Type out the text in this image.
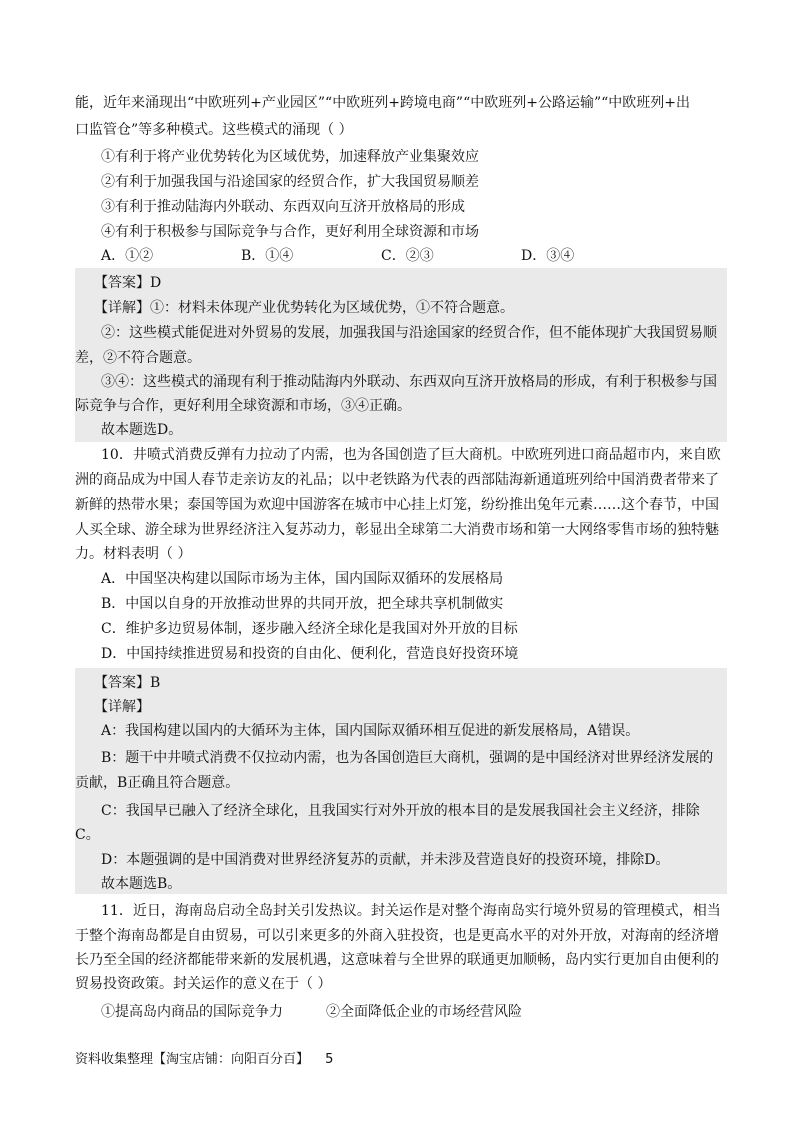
能，近年来涌现出“中欧班列+产业园区”“中欧班列+跨境电商”“中欧班列+公路运输”“中欧班列+出
口监管仓”等多种模式。这些模式的涌现（ ）
①有利于将产业优势转化为区域优势，加速释放产业集聚效应
②有利于加强我国与沿途国家的经贸合作，扩大我国贸易顺差
③有利于推动陆海内外联动、东西双向互济开放格局的形成
④有利于积极参与国际竞争与合作，更好利用全球资源和市场
A．①②	B．①④	C．②③	D．③④
【答案】D
【详解】①：材料未体现产业优势转化为区域优势，①不符合题意。
②：这些模式能促进对外贸易的发展，加强我国与沿途国家的经贸合作，但不能体现扩大我国贸易顺
差，②不符合题意。
③④：这些模式的涌现有利于推动陆海内外联动、东西双向互济开放格局的形成，有利于积极参与国
际竞争与合作，更好利用全球资源和市场，③④正确。
故本题选D。
10．井喷式消费反弹有力拉动了内需，也为各国创造了巨大商机。中欧班列进口商品超市内，来自欧
洲的商品成为中国人春节走亲访友的礼品；以中老铁路为代表的西部陆海新通道班列给中国消费者带来了
新鲜的热带水果；泰国等国为欢迎中国游客在城市中心挂上灯笼，纷纷推出兔年元素……这个春节，中国
人买全球、游全球为世界经济注入复苏动力，彰显出全球第二大消费市场和第一大网络零售市场的独特魅
力。材料表明（ ）
A．中国坚决构建以国际市场为主体，国内国际双循环的发展格局
B．中国以自身的开放推动世界的共同开放，把全球共享机制做实
C．维护多边贸易体制，逐步融入经济全球化是我国对外开放的目标
D．中国持续推进贸易和投资的自由化、便利化，营造良好投资环境
【答案】B
【详解】
A：我国构建以国内的大循环为主体，国内国际双循环相互促进的新发展格局，A错误。
B：题干中井喷式消费不仅拉动内需，也为各国创造巨大商机，强调的是中国经济对世界经济发展的
贡献，B正确且符合题意。
C：我国早已融入了经济全球化，且我国实行对外开放的根本目的是发展我国社会主义经济，排除
C。
D：本题强调的是中国消费对世界经济复苏的贡献，并未涉及营造良好的投资环境，排除D。
故本题选B。
11．近日，海南岛启动全岛封关引发热议。封关运作是对整个海南岛实行境外贸易的管理模式，相当
于整个海南岛都是自由贸易，可以引来更多的外商入驻投资，也是更高水平的对外开放，对海南的经济增
长乃至全国的经济都能带来新的发展机遇，这意味着与全世界的联通更加顺畅，岛内实行更加自由便利的
贸易投资政策。封关运作的意义在于（ ）
①提高岛内商品的国际竞争力	②全面降低企业的市场经营风险
资料收集整理【淘宝店铺：向阳百分百】 5
